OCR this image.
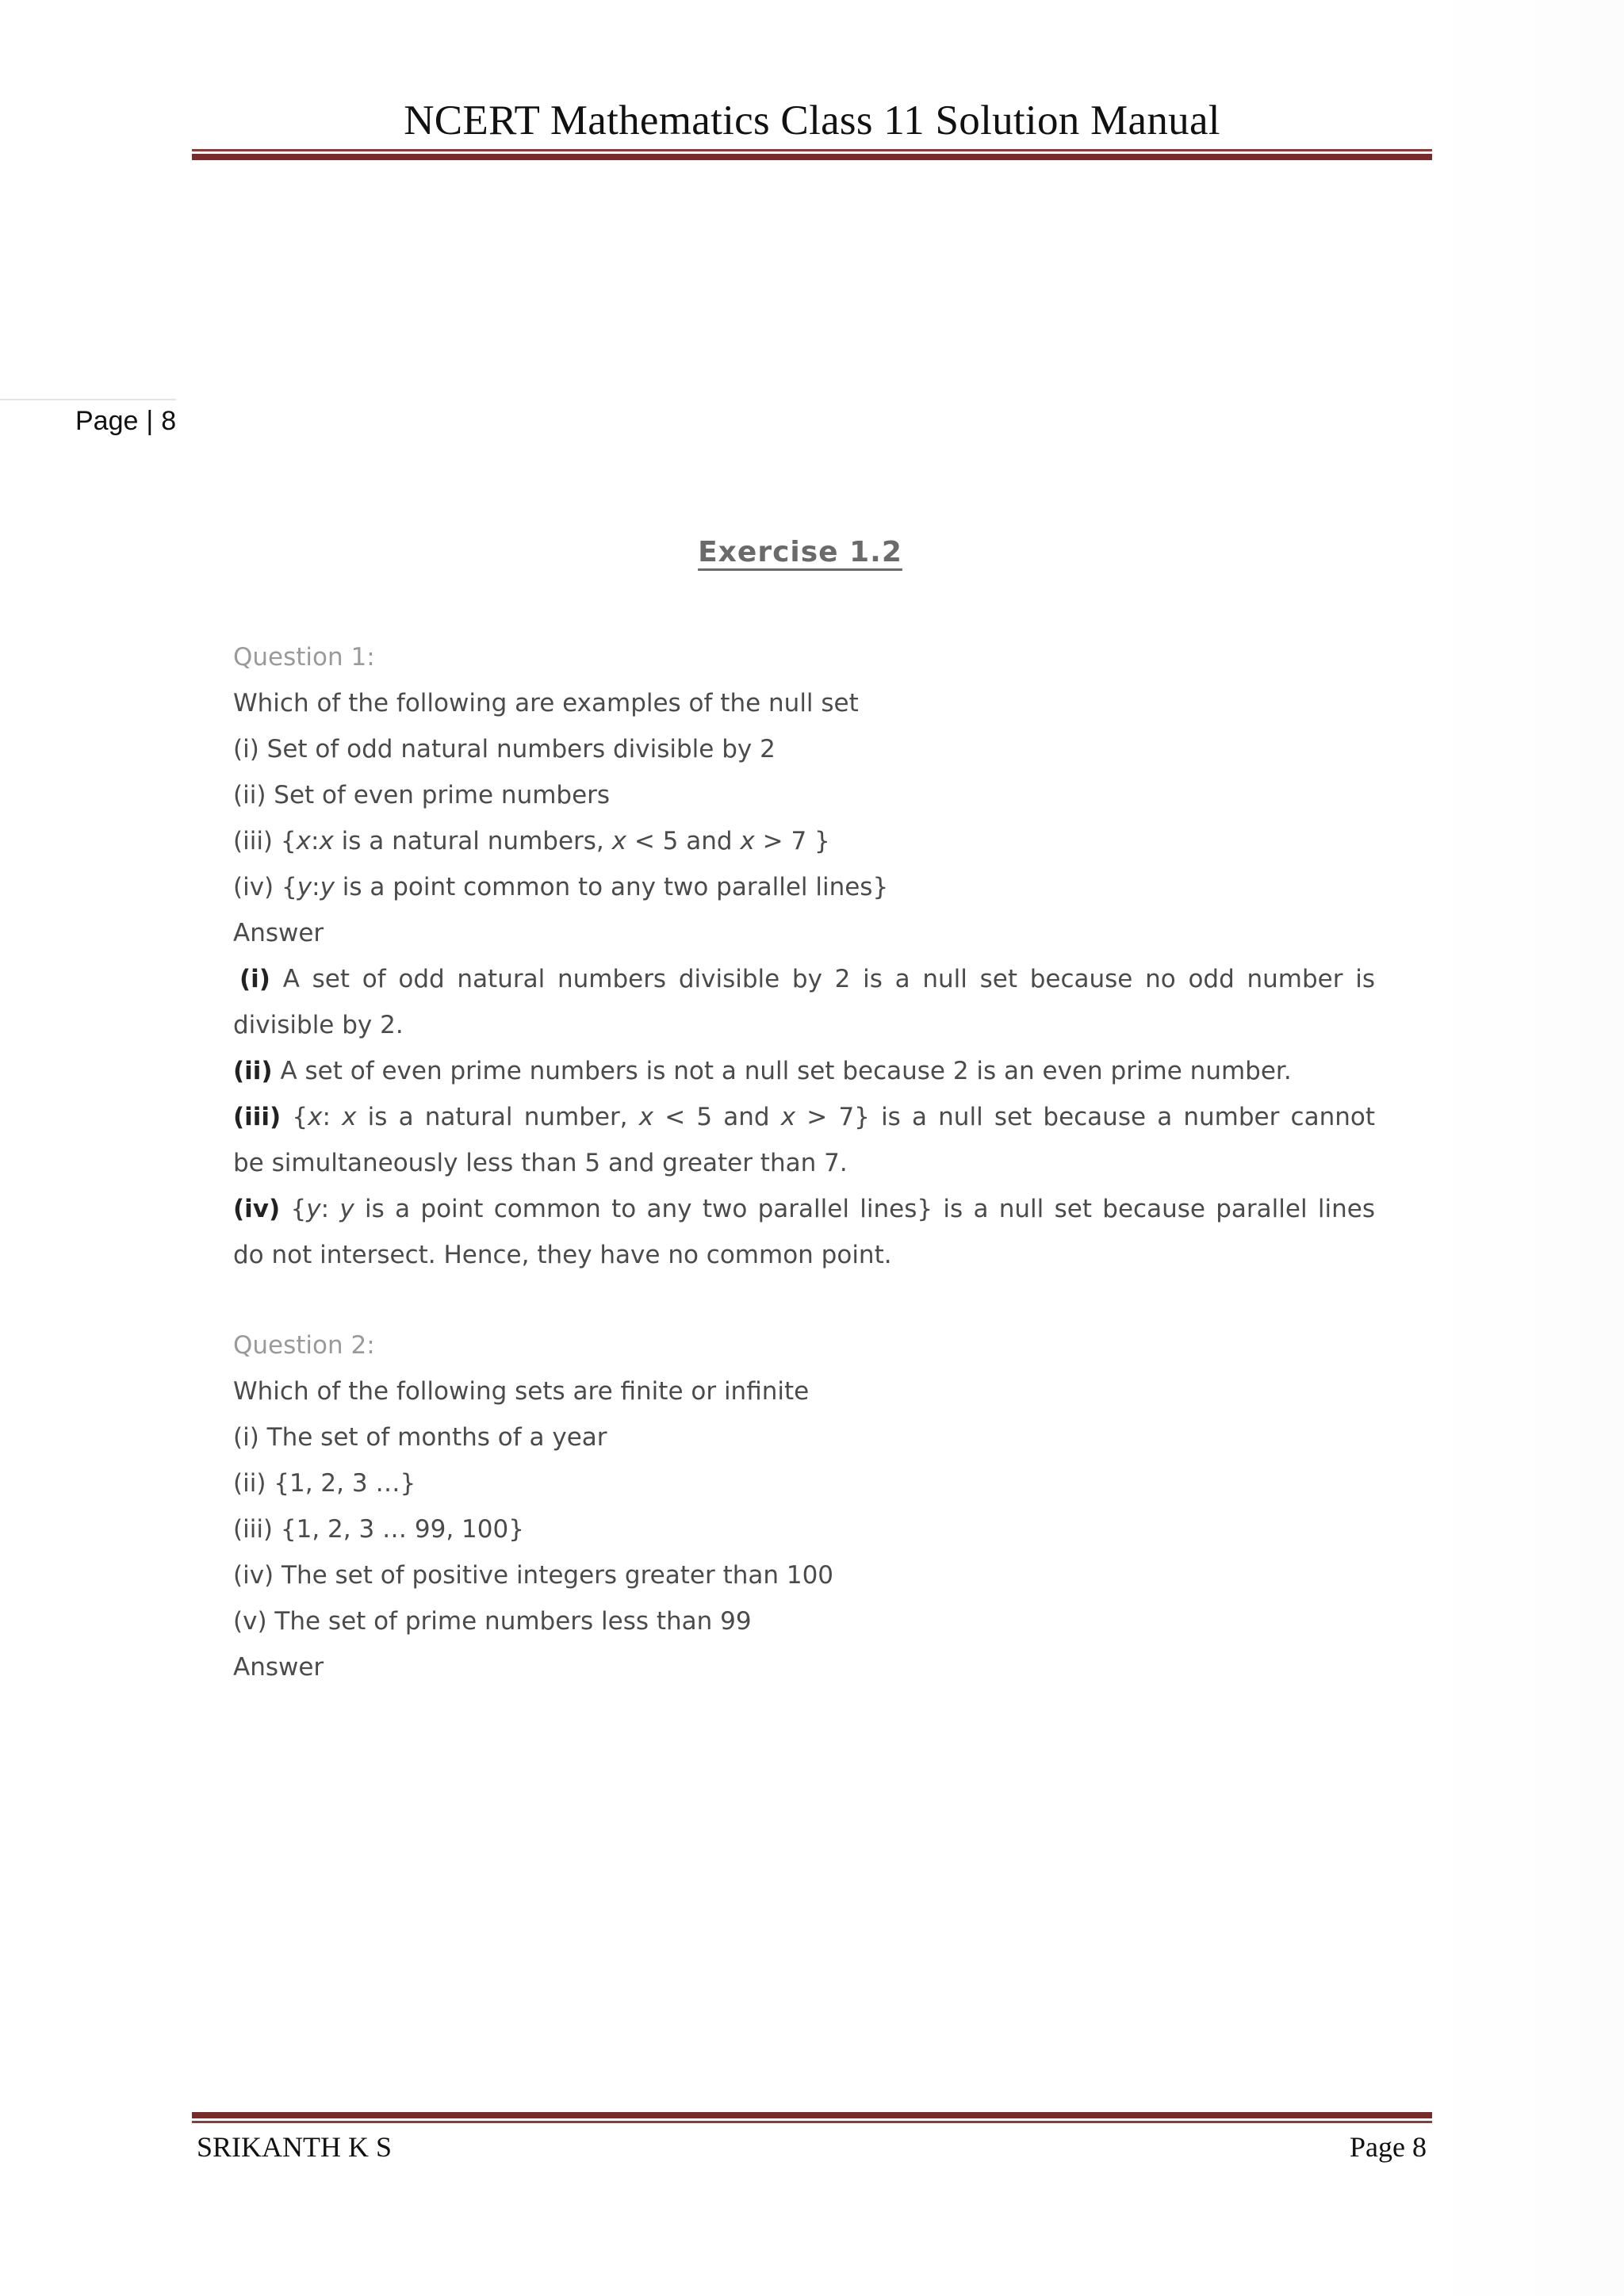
NCERT Mathematics Class 11 Solution Manual
Page | 8
Exercise 1.2
Question 1:
Which of the following are examples of the null set
(i) Set of odd natural numbers divisible by 2
(ii) Set of even prime numbers
(iii) {x:x is a natural numbers, x < 5 and x > 7 }
(iv) {y:y is a point common to any two parallel lines}
Answer
(i) A set of odd natural numbers divisible by 2 is a null set because no odd number is
divisible by 2.
(ii) A set of even prime numbers is not a null set because 2 is an even prime number.
(iii) {x: x is a natural number, x < 5 and x > 7} is a null set because a number cannot
be simultaneously less than 5 and greater than 7.
(iv) {y: y is a point common to any two parallel lines} is a null set because parallel lines
do not intersect. Hence, they have no common point.
Question 2:
Which of the following sets are finite or infinite
(i) The set of months of a year
(ii) {1, 2, 3 …}
(iii) {1, 2, 3 … 99, 100}
(iv) The set of positive integers greater than 100
(v) The set of prime numbers less than 99
Answer
SRIKANTH K S	Page 8
